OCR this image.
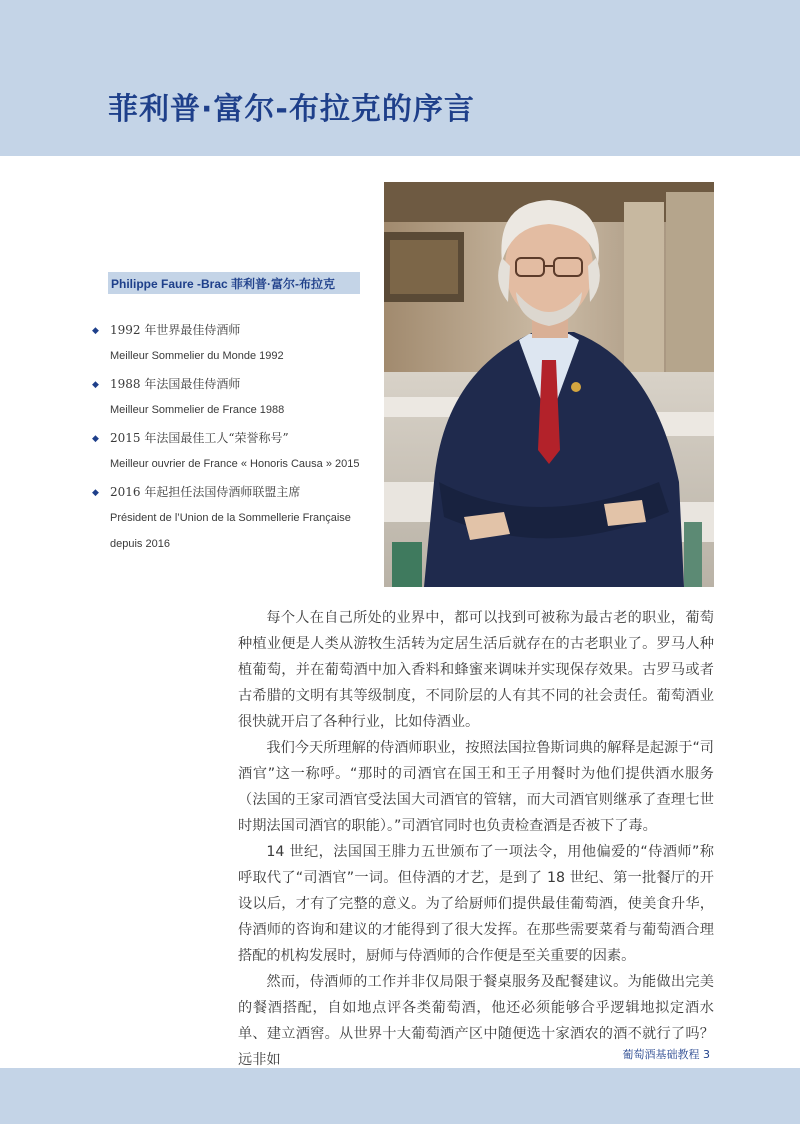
菲利普·富尔-布拉克的序言
Philippe Faure -Brac 菲利普·富尔-布拉克
◆ 1992 年世界最佳侍酒师
Meilleur Sommelier du Monde 1992
◆ 1988 年法国最佳侍酒师
Meilleur Sommelier de France 1988
◆ 2015 年法国最佳工人“荣誉称号”
Meilleur ouvrier de France « Honoris Causa » 2015
◆ 2016 年起担任法国侍酒师联盟主席
Président de l’Union de la Sommellerie Française
depuis 2016

每个人在自己所处的业界中，都可以找到可被称为最古老的职业，葡萄种植业便是人类从游牧生活转为定居生活后就存在的古老职业了。罗马人种植葡萄，并在葡萄酒中加入香料和蜂蜜来调味并实现保存效果。古罗马或者古希腊的文明有其等级制度，不同阶层的人有其不同的社会责任。葡萄酒业很快就开启了各种行业，比如侍酒业。

我们今天所理解的侍酒师职业，按照法国拉鲁斯词典的解释是起源于“司酒官”这一称呼。“那时的司酒官在国王和王子用餐时为他们提供酒水服务（法国的王家司酒官受法国大司酒官的管辖，而大司酒官则继承了查理七世时期法国司酒官的职能）。”司酒官同时也负责检查酒是否被下了毒。

14 世纪，法国国王腓力五世颁布了一项法令，用他偏爱的“侍酒师”称呼取代了“司酒官”一词。但侍酒的才艺，是到了 18 世纪、第一批餐厅的开设以后，才有了完整的意义。为了给厨师们提供最佳葡萄酒，使美食升华，侍酒师的咨询和建议的才能得到了很大发挥。在那些需要菜肴与葡萄酒合理搭配的机构发展时，厨师与侍酒师的合作便是至关重要的因素。

然而，侍酒师的工作并非仅局限于餐桌服务及配餐建议。为能做出完美的餐酒搭配，自如地点评各类葡萄酒，他还必须能够合乎逻辑地拟定酒水单、建立酒窖。从世界十大葡萄酒产区中随便选十家酒农的酒不就行了吗？远非如	葡萄酒基础教程 3
